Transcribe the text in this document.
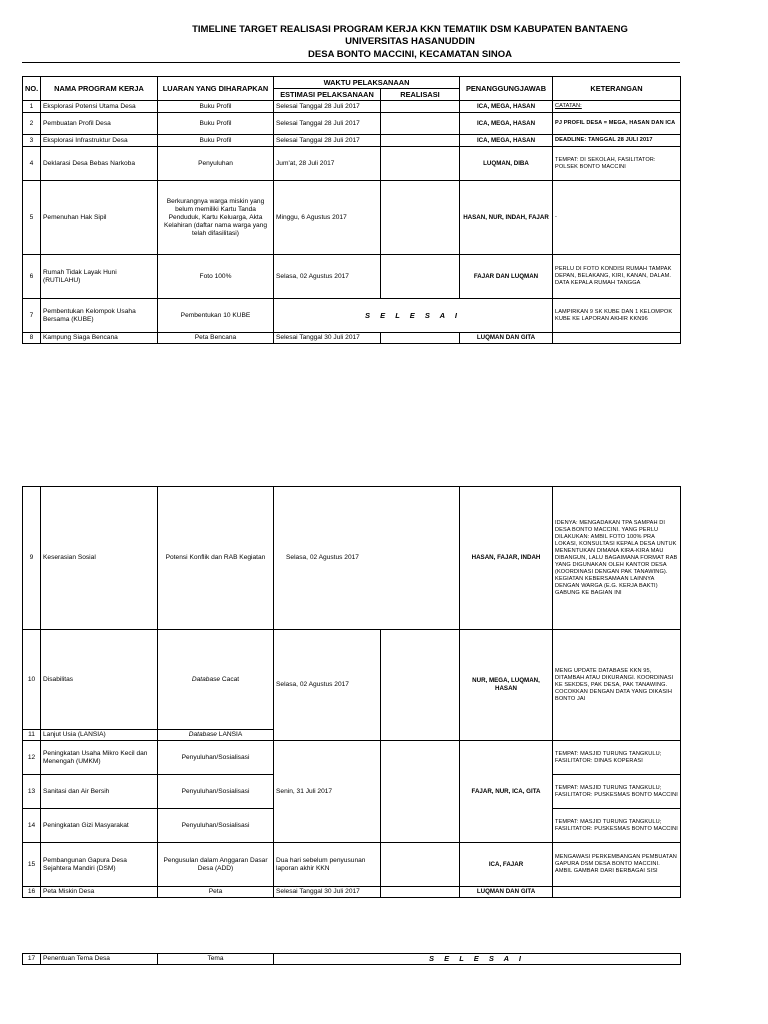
TIMELINE TARGET REALISASI PROGRAM KERJA KKN TEMATIIK DSM KABUPATEN BANTAENG
UNIVERSITAS HASANUDDIN
DESA BONTO MACCINI, KECAMATAN SINOA
NO.	NAMA PROGRAM KERJA	LUARAN YANG DIHARAPKAN	WAKTU PELAKSANAAN		PENANGGUNGJAWAB	KETERANGAN
			ESTIMASI PELAKSANAAN	REALISASI		
1	Eksplorasi Potensi Utama Desa	Buku Profil	Selesai Tanggal 28 Juli 2017		ICA, MEGA, HASAN	CATATAN:
2	Pembuatan Profil Desa	Buku Profil	Selesai Tanggal 28 Juli 2017		ICA, MEGA, HASAN	PJ PROFIL DESA = MEGA, HASAN DAN ICA
3	Eksplorasi Infrastruktur Desa	Buku Profil	Selesai Tanggal 28 Juli 2017		ICA, MEGA, HASAN	DEADLINE: TANGGAL 28 JULI 2017
4	Deklarasi Desa Bebas Narkoba	Penyuluhan	Jum'at, 28 Juli 2017		LUQMAN, DIBA	TEMPAT: DI SEKOLAH, FASILITATOR: POLSEK BONTO MACCINI
5	Pemenuhan Hak Sipil	Berkurangnya warga miskin yang belum memiliki Kartu Tanda Penduduk, Kartu Keluarga, Akta Kelahiran (daftar nama warga yang telah difasilitasi)	Minggu, 6 Agustus 2017		HASAN, NUR, INDAH, FAJAR	-
6	Rumah Tidak Layak Huni (RUTILAHU)	Foto 100%	Selasa, 02 Agustus 2017		FAJAR DAN LUQMAN	PERLU DI FOTO KONDISI RUMAH TAMPAK DEPAN, BELAKANG, KIRI, KANAN, DALAM. DATA KEPALA RUMAH TANGGA
7	Pembentukan Kelompok Usaha Bersama (KUBE)	Pembentukan 10 KUBE	S E L E S A I			LAMPIRKAN 9 SK KUBE DAN 1 KELOMPOK KUBE KE LAPORAN AKHIR KKN96
8	Kampung Siaga Bencana	Peta Bencana	Selesai Tanggal 30 Juli 2017		LUQMAN DAN GITA	
9	Keserasian Sosial	Potensi Konflik dan RAB Kegiatan	Selasa, 02 Agustus 2017		HASAN, FAJAR, INDAH	IDENYA: MENGADAKAN TPA SAMPAH DI DESA BONTO MACCINI. YANG PERLU DILAKUKAN: AMBIL FOTO 100% PRA LOKASI, KONSULTASI KEPALA DESA UNTUK MENENTUKAN DIMANA KIRA-KIRA MAU DIBANGUN, LALU BAGAIMANA FORMAT RAB YANG DIGUNAKAN OLEH KANTOR DESA (KOORDINASI DENGAN PAK TANAWING). KEGIATAN KEBERSAMAAN LAINNYA DENGAN WARGA (E.G. KERJA BAKTI) GABUNG KE BAGIAN INI
10	Disabilitas	Database Cacat	Selasa, 02 Agustus 2017		NUR, MEGA, LUQMAN, HASAN	MENG UPDATE DATABASE KKN 95, DITAMBAH ATAU DIKURANGI. KOORDINASI KE SEKDES, PAK DESA, PAK TANAWING. COCOKKAN DENGAN DATA YANG DIKASIH BONTO JAI
11	Lanjut Usia (LANSIA)	Database LANSIA				
12	Peningkatan Usaha Mikro Kecil dan Menengah (UMKM)	Penyuluhan/Sosialisasi	Senin, 31 Juli 2017		FAJAR, NUR, ICA, GITA	TEMPAT: MASJID TURUNG TANGKULU; FASILITATOR: DINAS KOPERASI
13	Sanitasi dan Air Bersih	Penyuluhan/Sosialisasi				TEMPAT: MASJID TURUNG TANGKULU; FASILITATOR: PUSKESMAS BONTO MACCINI
14	Peningkatan Gizi Masyarakat	Penyuluhan/Sosialisasi				TEMPAT: MASJID TURUNG TANGKULU; FASILITATOR: PUSKESMAS BONTO MACCINI
15	Pembangunan Gapura Desa Sejahtera Mandiri (DSM)	Pengusulan dalam Anggaran Dasar Desa (ADD)	Dua hari sebelum penyusunan laporan akhir KKN		ICA, FAJAR	MENGAWASI PERKEMBANGAN PEMBUATAN GAPURA DSM DESA BONTO MACCINI. AMBIL GAMBAR DARI BERBAGAI SISI
16	Peta Miskin Desa	Peta	Selesai Tanggal 30 Juli 2017		LUQMAN DAN GITA	
17	Penentuan Tema Desa	Tema	S E L E S A I
